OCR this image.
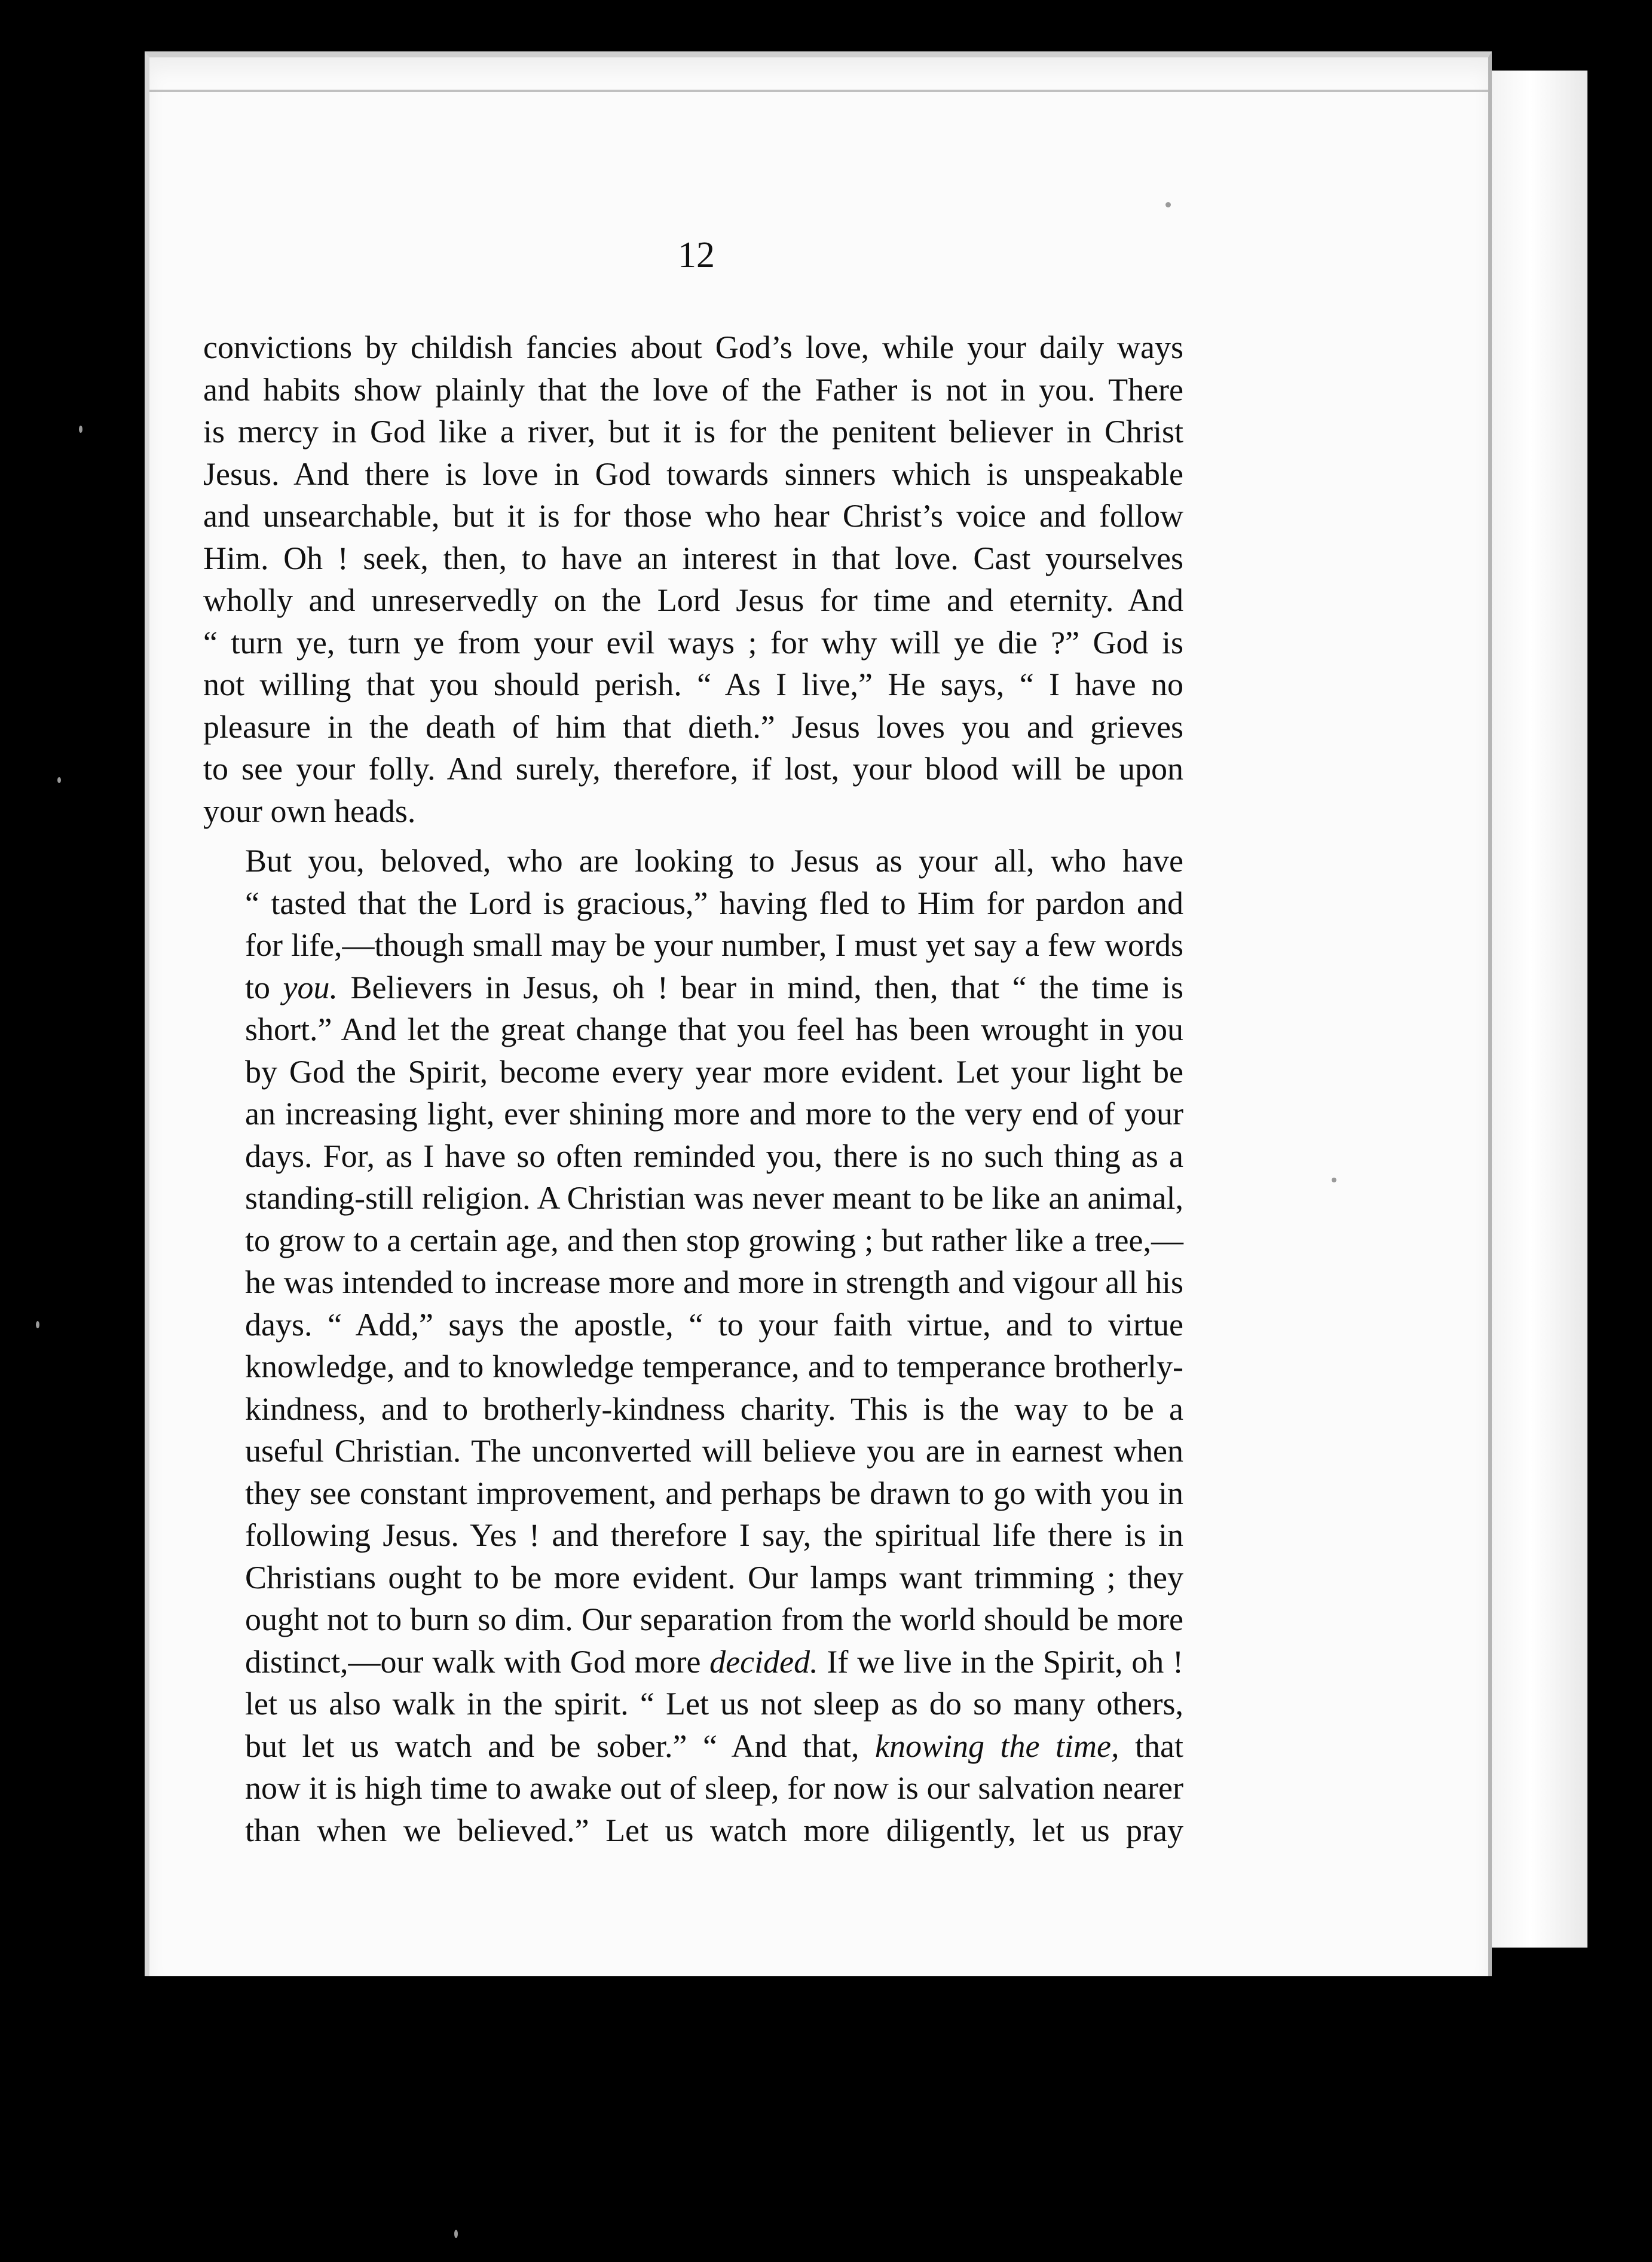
12
convictions by childish fancies about God’s love, while your daily ways
and habits show plainly that the love of the Father is not in you. There
is mercy in God like a river, but it is for the penitent believer in Christ
Jesus. And there is love in God towards sinners which is unspeakable
and unsearchable, but it is for those who hear Christ’s voice and follow
Him. Oh ! seek, then, to have an interest in that love. Cast yourselves
wholly and unreservedly on the Lord Jesus for time and eternity. And
“ turn ye, turn ye from your evil ways ; for why will ye die ?” God is
not willing that you should perish. “ As I live,” He says, “ I have no
pleasure in the death of him that dieth.” Jesus loves you and grieves
to see your folly. And surely, therefore, if lost, your blood will be upon
your own heads.
But you, beloved, who are looking to Jesus as your all, who have
“ tasted that the Lord is gracious,” having fled to Him for pardon and
for life,—though small may be your number, I must yet say a few words
to you. Believers in Jesus, oh ! bear in mind, then, that “ the time is
short.” And let the great change that you feel has been wrought in you
by God the Spirit, become every year more evident. Let your light be
an increasing light, ever shining more and more to the very end of your
days. For, as I have so often reminded you, there is no such thing as a
standing-still religion. A Christian was never meant to be like an animal,
to grow to a certain age, and then stop growing ; but rather like a tree,—
he was intended to increase more and more in strength and vigour all his
days. “ Add,” says the apostle, “ to your faith virtue, and to virtue
knowledge, and to knowledge temperance, and to temperance brotherly-
kindness, and to brotherly-kindness charity. This is the way to be a
useful Christian. The unconverted will believe you are in earnest when
they see constant improvement, and perhaps be drawn to go with you in
following Jesus. Yes ! and therefore I say, the spiritual life there is in
Christians ought to be more evident. Our lamps want trimming ; they
ought not to burn so dim. Our separation from the world should be more
distinct,—our walk with God more decided. If we live in the Spirit, oh !
let us also walk in the spirit. “ Let us not sleep as do so many others,
but let us watch and be sober.” “ And that, knowing the time, that
now it is high time to awake out of sleep, for now is our salvation nearer
than when we believed.” Let us watch more diligently, let us pray
